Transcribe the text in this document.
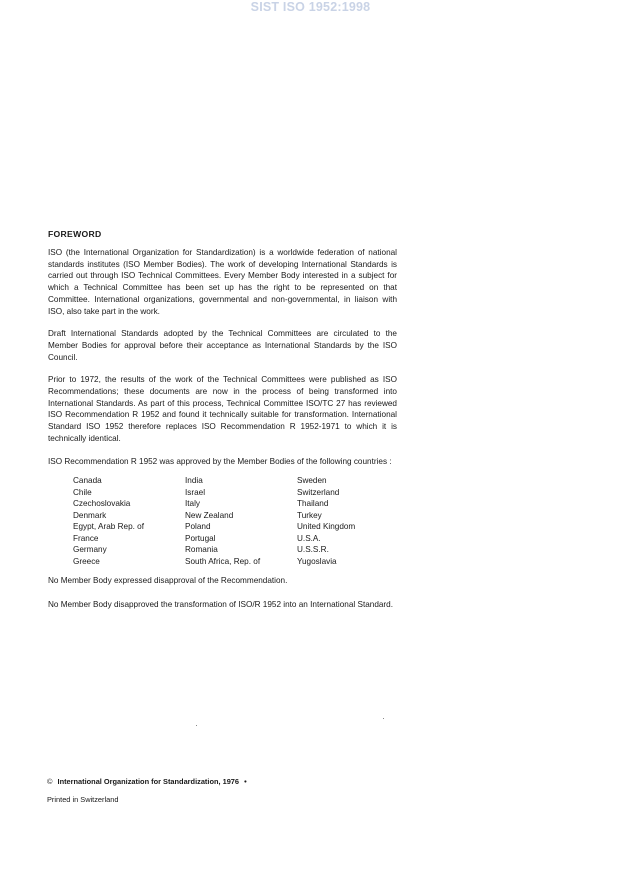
SIST ISO 1952:1998
FOREWORD

ISO (the International Organization for Standardization) is a worldwide federation of national standards institutes (ISO Member Bodies). The work of developing International Standards is carried out through ISO Technical Committees. Every Member Body interested in a subject for which a Technical Committee has been set up has the right to be represented on that Committee. International organizations, governmental and non-governmental, in liaison with ISO, also take part in the work.

Draft International Standards adopted by the Technical Committees are circulated to the Member Bodies for approval before their acceptance as International Standards by the ISO Council.

Prior to 1972, the results of the work of the Technical Committees were published as ISO Recommendations; these documents are now in the process of being transformed into International Standards. As part of this process, Technical Committee ISO/TC 27 has reviewed ISO Recommendation R 1952 and found it technically suitable for transformation. International Standard ISO 1952 therefore replaces ISO Recommendation R 1952-1971 to which it is technically identical.

ISO Recommendation R 1952 was approved by the Member Bodies of the following countries :

Canada
Chile
Czechoslovakia
Denmark
Egypt, Arab Rep. of
France
Germany
Greece
India
Israel
Italy
New Zealand
Poland
Portugal
Romania
South Africa, Rep. of
Sweden
Switzerland
Thailand
Turkey
United Kingdom
U.S.A.
U.S.S.R.
Yugoslavia

No Member Body expressed disapproval of the Recommendation.

No Member Body disapproved the transformation of ISO/R 1952 into an International Standard.

© International Organization for Standardization, 1976 •
Printed in Switzerland
